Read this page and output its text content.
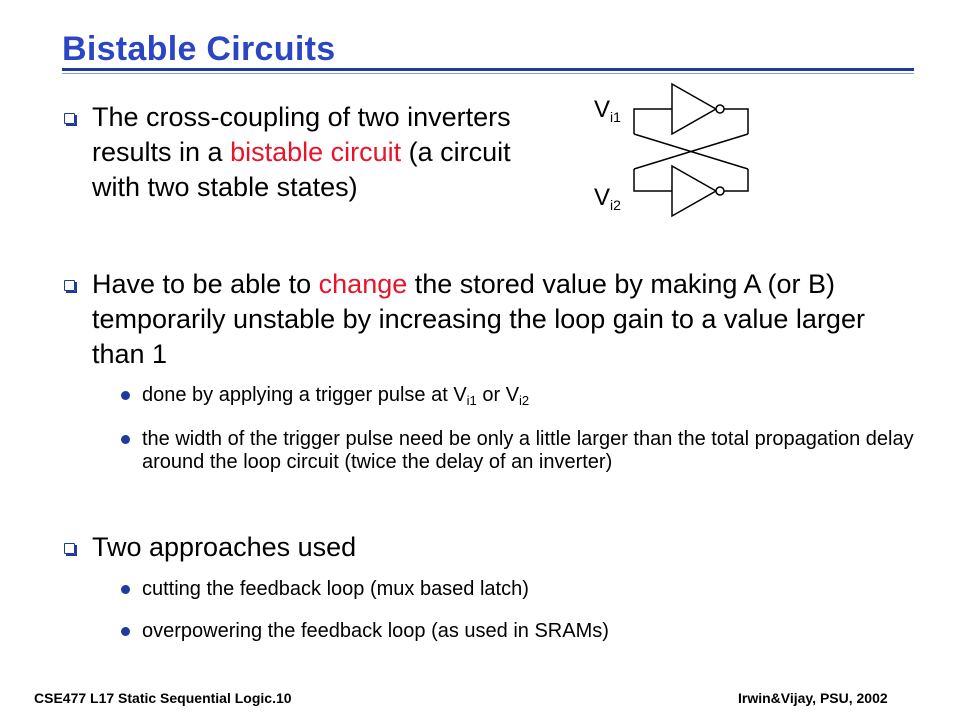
Bistable Circuits
The cross-coupling of two inverters results in a bistable circuit (a circuit with two stable states)
$V_{i1}$
$V_{i2}$
Have to be able to change the stored value by making A (or B) temporarily unstable by increasing the loop gain to a value larger than 1
done by applying a trigger pulse at $V_{i1}$ or $V_{i2}$
the width of the trigger pulse need be only a little larger than the total propagation delay around the loop circuit (twice the delay of an inverter)
Two approaches used
cutting the feedback loop (mux based latch)
overpowering the feedback loop (as used in SRAMs)
CSE477 L17 Static Sequential Logic.10	Irwin&Vijay, PSU, 2002
